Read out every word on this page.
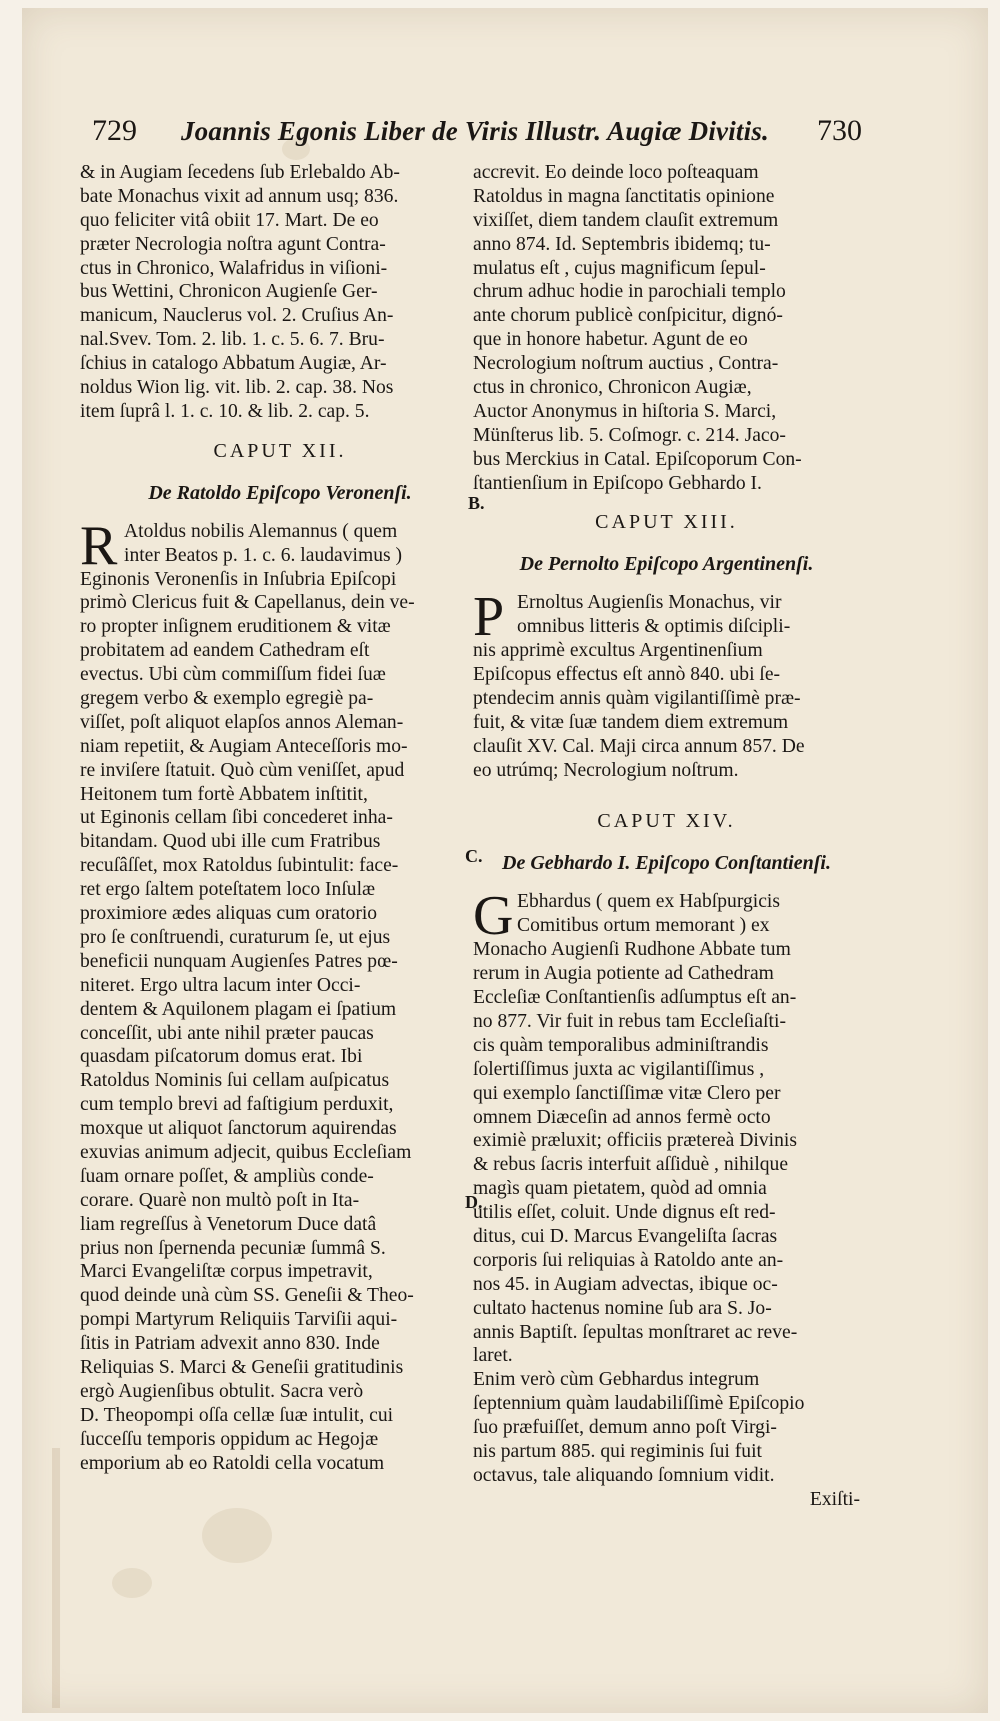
729	Joannis Egonis Liber de Viris Illustr. Augiæ Divitis.	730
B.
C.
D.
& in Augiam ſecedens ſub Erlebaldo Ab-
bate Monachus vixit ad annum usq; 836.
quo feliciter vitâ obiit 17. Mart. De eo
præter Necrologia noſtra agunt Contra-
ctus in Chronico, Walafridus in viſioni-
bus Wettini, Chronicon Augienſe Ger-
manicum, Nauclerus vol. 2. Cruſius An-
nal.Svev. Tom. 2. lib. 1. c. 5. 6. 7. Bru-
ſchius in catalogo Abbatum Augiæ, Ar-
noldus Wion lig. vit. lib. 2. cap. 38. Nos
item ſuprâ l. 1. c. 10. & lib. 2. cap. 5.
CAPUT XII.
De Ratoldo Epiſcopo Veronenſi.
R Atoldus nobilis Alemannus ( quem
inter Beatos p. 1. c. 6. laudavimus )
Eginonis Veronenſis in Inſubria Epiſcopi
primò Clericus fuit & Capellanus, dein ve-
ro propter inſignem eruditionem & vitæ
probitatem ad eandem Cathedram eſt
evectus. Ubi cùm commiſſum fidei ſuæ
gregem verbo & exemplo egregiè pa-
viſſet, poſt aliquot elapſos annos Aleman-
niam repetiit, & Augiam Anteceſſoris mo-
re inviſere ſtatuit. Quò cùm veniſſet, apud
Heitonem tum fortè Abbatem inſtitit,
ut Eginonis cellam ſibi concederet inha-
bitandam. Quod ubi ille cum Fratribus
recuſâſſet, mox Ratoldus ſubintulit: face-
ret ergo ſaltem poteſtatem loco Inſulæ
proximiore ædes aliquas cum oratorio
pro ſe conſtruendi, curaturum ſe, ut ejus
beneficii nunquam Augienſes Patres pœ-
niteret. Ergo ultra lacum inter Occi-
dentem & Aquilonem plagam ei ſpatium
conceſſit, ubi ante nihil præter paucas
quasdam piſcatorum domus erat. Ibi
Ratoldus Nominis ſui cellam auſpicatus
cum templo brevi ad faſtigium perduxit,
moxque ut aliquot ſanctorum aquirendas
exuvias animum adjecit, quibus Eccleſiam
ſuam ornare poſſet, & ampliùs conde-
corare. Quarè non multò poſt in Ita-
liam regreſſus à Venetorum Duce datâ
prius non ſpernenda pecuniæ ſummâ S.
Marci Evangeliſtæ corpus impetravit,
quod deinde unà cùm SS. Geneſii & Theo-
pompi Martyrum Reliquiis Tarviſii aqui-
ſitis in Patriam advexit anno 830. Inde
Reliquias S. Marci & Geneſii gratitudinis
ergò Augienſibus obtulit. Sacra verò
D. Theopompi oſſa cellæ ſuæ intulit, cui
ſucceſſu temporis oppidum ac Hegojæ
emporium ab eo Ratoldi cella vocatum
accrevit. Eo deinde loco poſteaquam
Ratoldus in magna ſanctitatis opinione
vixiſſet, diem tandem clauſit extremum
anno 874. Id. Septembris ibidemq; tu-
mulatus eſt , cujus magnificum ſepul-
chrum adhuc hodie in parochiali templo
ante chorum publicè conſpicitur, dignó-
que in honore habetur. Agunt de eo
Necrologium noſtrum auctius , Contra-
ctus in chronico, Chronicon Augiæ,
Auctor Anonymus in hiſtoria S. Marci,
Münſterus lib. 5. Coſmogr. c. 214. Jaco-
bus Merckius in Catal. Epiſcoporum Con-
ſtantienſium in Epiſcopo Gebhardo I.
CAPUT XIII.
De Pernolto Epiſcopo Argentinenſi.
P Ernoltus Augienſis Monachus, vir
omnibus litteris & optimis diſcipli-
nis apprimè excultus Argentinenſium
Epiſcopus effectus eſt annò 840. ubi ſe-
ptendecim annis quàm vigilantiſſimè præ-
fuit, & vitæ ſuæ tandem diem extremum
clauſit XV. Cal. Maji circa annum 857. De
eo utrúmq; Necrologium noſtrum.
CAPUT XIV.
De Gebhardo I. Epiſcopo Conſtantienſi.
G Ebhardus ( quem ex Habſpurgicis
Comitibus ortum memorant ) ex
Monacho Augienſi Rudhone Abbate tum
rerum in Augia potiente ad Cathedram
Eccleſiæ Conſtantienſis adſumptus eſt an-
no 877. Vir fuit in rebus tam Eccleſiaſti-
cis quàm temporalibus adminiſtrandis
ſolertiſſimus juxta ac vigilantiſſimus ,
qui exemplo ſanctiſſimæ vitæ Clero per
omnem Diæceſin ad annos fermè octo
eximiè præluxit; officiis prætereà Divinis
& rebus ſacris interfuit aſſiduè , nihilque
magìs quam pietatem, quòd ad omnia
utilis eſſet, coluit. Unde dignus eſt red-
ditus, cui D. Marcus Evangeliſta ſacras
corporis ſui reliquias à Ratoldo ante an-
nos 45. in Augiam advectas, ibique oc-
cultato hactenus nomine ſub ara S. Jo-
annis Baptiſt. ſepultas monſtraret ac reve-
laret.
Enim verò cùm Gebhardus integrum
ſeptennium quàm laudabiliſſimè Epiſcopio
ſuo præfuiſſet, demum anno poſt Virgi-
nis partum 885. qui regiminis ſui fuit
octavus, tale aliquando ſomnium vidit.
Exiſti-
